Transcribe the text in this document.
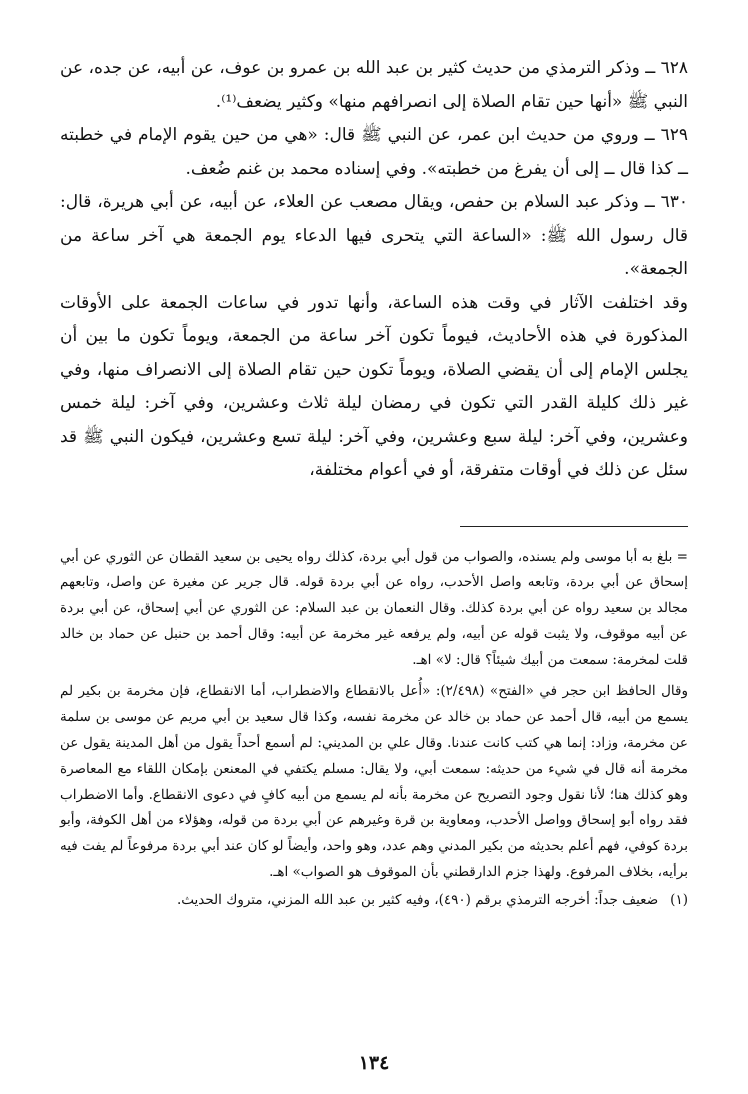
٦٢٨ ــ وذكر الترمذي من حديث كثير بن عبد الله بن عمرو بن عوف، عن أبيه، عن جده، عن النبي ﷺ «أنها حين تقام الصلاة إلى انصرافهم منها» وكثير يضعف⁽¹⁾.

٦٢٩ ــ وروي من حديث ابن عمر، عن النبي ﷺ قال: «هي من حين يقوم الإمام في خطبته ــ كذا قال ــ إلى أن يفرغ من خطبته». وفي إسناده محمد بن غنم ضُعف.

٦٣٠ ــ وذكر عبد السلام بن حفص، ويقال مصعب عن العلاء، عن أبيه، عن أبي هريرة، قال: قال رسول الله ﷺ: «الساعة التي يتحرى فيها الدعاء يوم الجمعة هي آخر ساعة من الجمعة».

وقد اختلفت الآثار في وقت هذه الساعة، وأنها تدور في ساعات الجمعة على الأوقات المذكورة في هذه الأحاديث، فيوماً تكون آخر ساعة من الجمعة، ويوماً تكون ما بين أن يجلس الإمام إلى أن يقضي الصلاة، ويوماً تكون حين تقام الصلاة إلى الانصراف منها، وفي غير ذلك كليلة القدر التي تكون في رمضان ليلة ثلاث وعشرين، وفي آخر: ليلة خمس وعشرين، وفي آخر: ليلة سبع وعشرين، وفي آخر: ليلة تسع وعشرين، فيكون النبي ﷺ قد سئل عن ذلك في أوقات متفرقة، أو في أعوام مختلفة،

= بلغ به أبا موسى ولم يسنده، والصواب من قول أبي بردة، كذلك رواه يحيى بن سعيد القطان عن الثوري عن أبي إسحاق عن أبي بردة، وتابعه واصل الأحدب، رواه عن أبي بردة قوله. قال جرير عن مغيرة عن واصل، وتابعهم مجالد بن سعيد رواه عن أبي بردة كذلك. وقال النعمان بن عبد السلام: عن الثوري عن أبي إسحاق، عن أبي بردة عن أبيه موقوف، ولا يثبت قوله عن أبيه، ولم يرفعه غير مخرمة عن أبيه: وقال أحمد بن حنبل عن حماد بن خالد قلت لمخرمة: سمعت من أبيك شيئاً؟ قال: لا» اهـ.

وقال الحافظ ابن حجر في «الفتح» (٢/٤٩٨): «أُعل بالانقطاع والاضطراب، أما الانقطاع، فإن مخرمة بن بكير لم يسمع من أبيه، قال أحمد عن حماد بن خالد عن مخرمة نفسه، وكذا قال سعيد بن أبي مريم عن موسى بن سلمة عن مخرمة، وزاد: إنما هي كتب كانت عندنا. وقال علي بن المديني: لم أسمع أحداً يقول من أهل المدينة يقول عن مخرمة أنه قال في شيء من حديثه: سمعت أبي، ولا يقال: مسلم يكتفي في المعنعن بإمكان اللقاء مع المعاصرة وهو كذلك هنا؛ لأنا نقول وجود التصريح عن مخرمة بأنه لم يسمع من أبيه كافٍ في دعوى الانقطاع. وأما الاضطراب فقد رواه أبو إسحاق وواصل الأحدب، ومعاوية بن قرة وغيرهم عن أبي بردة من قوله، وهؤلاء من أهل الكوفة، وأبو بردة كوفي، فهم أعلم بحديثه من بكير المدني وهم عدد، وهو واحد، وأيضاً لو كان عند أبي بردة مرفوعاً لم يفت فيه برأيه، بخلاف المرفوع. ولهذا جزم الدارقطني بأن الموقوف هو الصواب» اهـ.

(١)
ضعيف جداً: أخرجه الترمذي برقم (٤٩٠)، وفيه كثير بن عبد الله المزني، متروك الحديث.
١٣٤
